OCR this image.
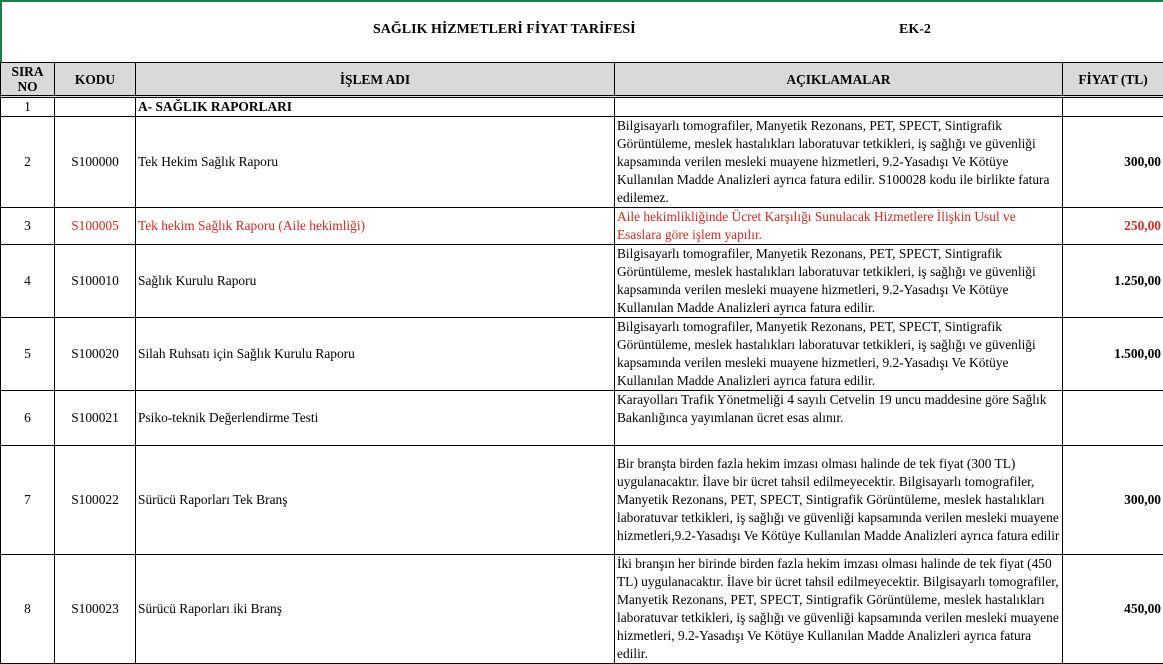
SAĞLIK HİZMETLERİ FİYAT TARİFESİ	EK-2
SIRA NO	KODU	İŞLEM ADI	AÇIKLAMALAR	FİYAT (TL)
1		A- SAĞLIK RAPORLARI		
2	S100000	Tek Hekim Sağlık Raporu	Bilgisayarlı tomografiler, Manyetik Rezonans, PET, SPECT, Sintigrafik Görüntüleme, meslek hastalıkları laboratuvar tetkikleri, iş sağlığı ve güvenliği kapsamında verilen mesleki muayene hizmetleri, 9.2-Yasadışı Ve Kötüye Kullanılan Madde Analizleri ayrıca fatura edilir. S100028 kodu ile birlikte fatura edilemez.	300,00
3	S100005	Tek hekim Sağlık Raporu (Aile hekimliği)	Aile hekimlikliğinde Ücret Karşılığı Sunulacak Hizmetlere İlişkin Usul ve Esaslara göre işlem yapılır.	250,00
4	S100010	Sağlık Kurulu Raporu	Bilgisayarlı tomografiler, Manyetik Rezonans, PET, SPECT, Sintigrafik Görüntüleme, meslek hastalıkları laboratuvar tetkikleri, iş sağlığı ve güvenliği kapsamında verilen mesleki muayene hizmetleri, 9.2-Yasadışı Ve Kötüye Kullanılan Madde Analizleri ayrıca fatura edilir.	1.250,00
5	S100020	Silah Ruhsatı için Sağlık Kurulu Raporu	Bilgisayarlı tomografiler, Manyetik Rezonans, PET, SPECT, Sintigrafik Görüntüleme, meslek hastalıkları laboratuvar tetkikleri, iş sağlığı ve güvenliği kapsamında verilen mesleki muayene hizmetleri, 9.2-Yasadışı Ve Kötüye Kullanılan Madde Analizleri ayrıca fatura edilir.	1.500,00
6	S100021	Psiko-teknik Değerlendirme Testi	Karayolları Trafik Yönetmeliği 4 sayılı Cetvelin 19 uncu maddesine göre Sağlık Bakanlığınca yayımlanan ücret esas alınır.	
7	S100022	Sürücü Raporları Tek Branş	Bir branşta birden fazla hekim imzası olması halinde de tek fiyat (300 TL) uygulanacaktır. İlave bir ücret tahsil edilmeyecektir. Bilgisayarlı tomografiler, Manyetik Rezonans, PET, SPECT, Sintigrafik Görüntüleme, meslek hastalıkları laboratuvar tetkikleri, iş sağlığı ve güvenliği kapsamında verilen mesleki muayene hizmetleri,9.2-Yasadışı Ve Kötüye Kullanılan Madde Analizleri ayrıca fatura edilir	300,00
8	S100023	Sürücü Raporları iki Branş	İki branşın her birinde birden fazla hekim imzası olması halinde de tek fiyat (450 TL) uygulanacaktır. İlave bir ücret tahsil edilmeyecektir. Bilgisayarlı tomografiler, Manyetik Rezonans, PET, SPECT, Sintigrafik Görüntüleme, meslek hastalıkları laboratuvar tetkikleri, iş sağlığı ve güvenliği kapsamında verilen mesleki muayene hizmetleri, 9.2-Yasadışı Ve Kötüye Kullanılan Madde Analizleri ayrıca fatura edilir.	450,00
